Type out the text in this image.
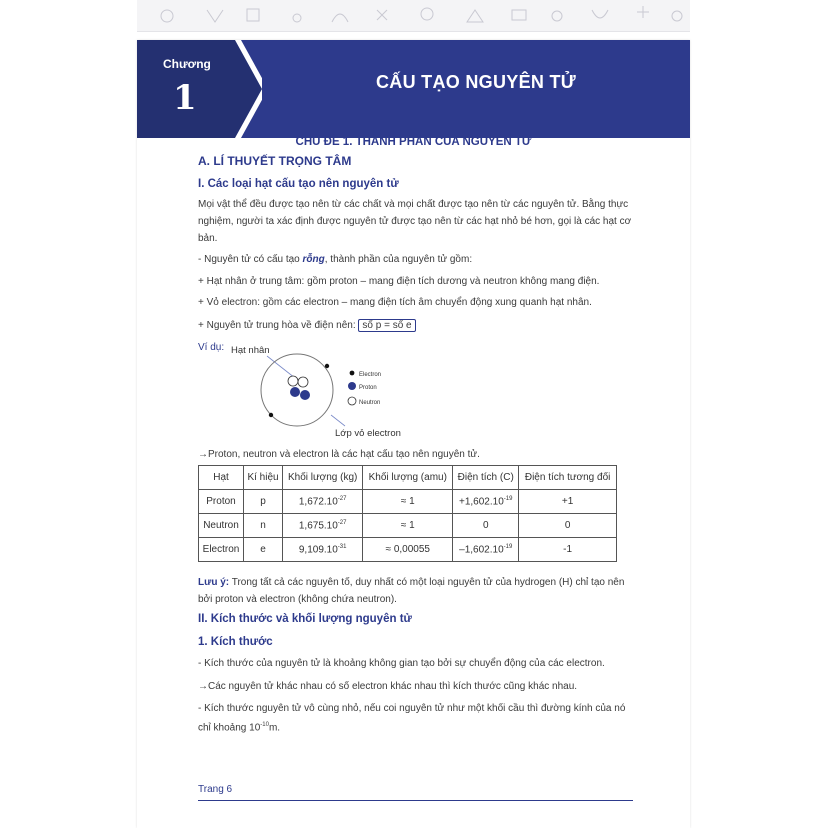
Chương
1	CẤU TẠO NGUYÊN TỬ
CHỦ ĐỀ 1. THÀNH PHẦN CỦA NGUYÊN TỬ
A. LÍ THUYẾT TRỌNG TÂM
I. Các loại hạt cấu tạo nên nguyên tử
Mọi vật thể đều được tạo nên từ các chất và mọi chất được tạo nên từ các nguyên tử. Bằng thực nghiệm, người ta xác định được nguyên tử được tạo nên từ các hạt nhỏ bé hơn, gọi là các hạt cơ bản.
- Nguyên tử có cấu tạo rỗng, thành phần của nguyên tử gồm:
+ Hạt nhân ở trung tâm: gồm proton – mang điện tích dương và neutron không mang điện.
+ Vỏ electron: gồm các electron – mang điện tích âm chuyển động xung quanh hạt nhân.
+ Nguyên tử trung hòa về điện nên: số p = số e
Ví dụ: Hạt nhân
Electron
Proton
Neutron
Lớp vỏ electron
→Proton, neutron và electron là các hạt cấu tạo nên nguyên tử.
Hạt	Kí hiệu	Khối lượng (kg)	Khối lượng (amu)	Điện tích (C)	Điện tích tương đối
Proton	p	$1,672.10^{-27}$	≈ 1	$+1,602.10^{-19}$	+1
Neutron	n	$1,675.10^{-27}$	≈ 1	0	0
Electron	e	$9,109.10^{-31}$	≈ 0,00055	$-1,602.10^{-19}$	-1
Lưu ý: Trong tất cả các nguyên tố, duy nhất có một loại nguyên tử của hydrogen (H) chỉ tạo nên bởi proton và electron (không chứa neutron).
II. Kích thước và khối lượng nguyên tử
1. Kích thước
- Kích thước của nguyên tử là khoảng không gian tạo bởi sự chuyển động của các electron.
→Các nguyên tử khác nhau có số electron khác nhau thì kích thước cũng khác nhau.
- Kích thước nguyên tử vô cùng nhỏ, nếu coi nguyên tử như một khối cầu thì đường kính của nó chỉ khoảng $10^{-10}m$.
Trang 6
